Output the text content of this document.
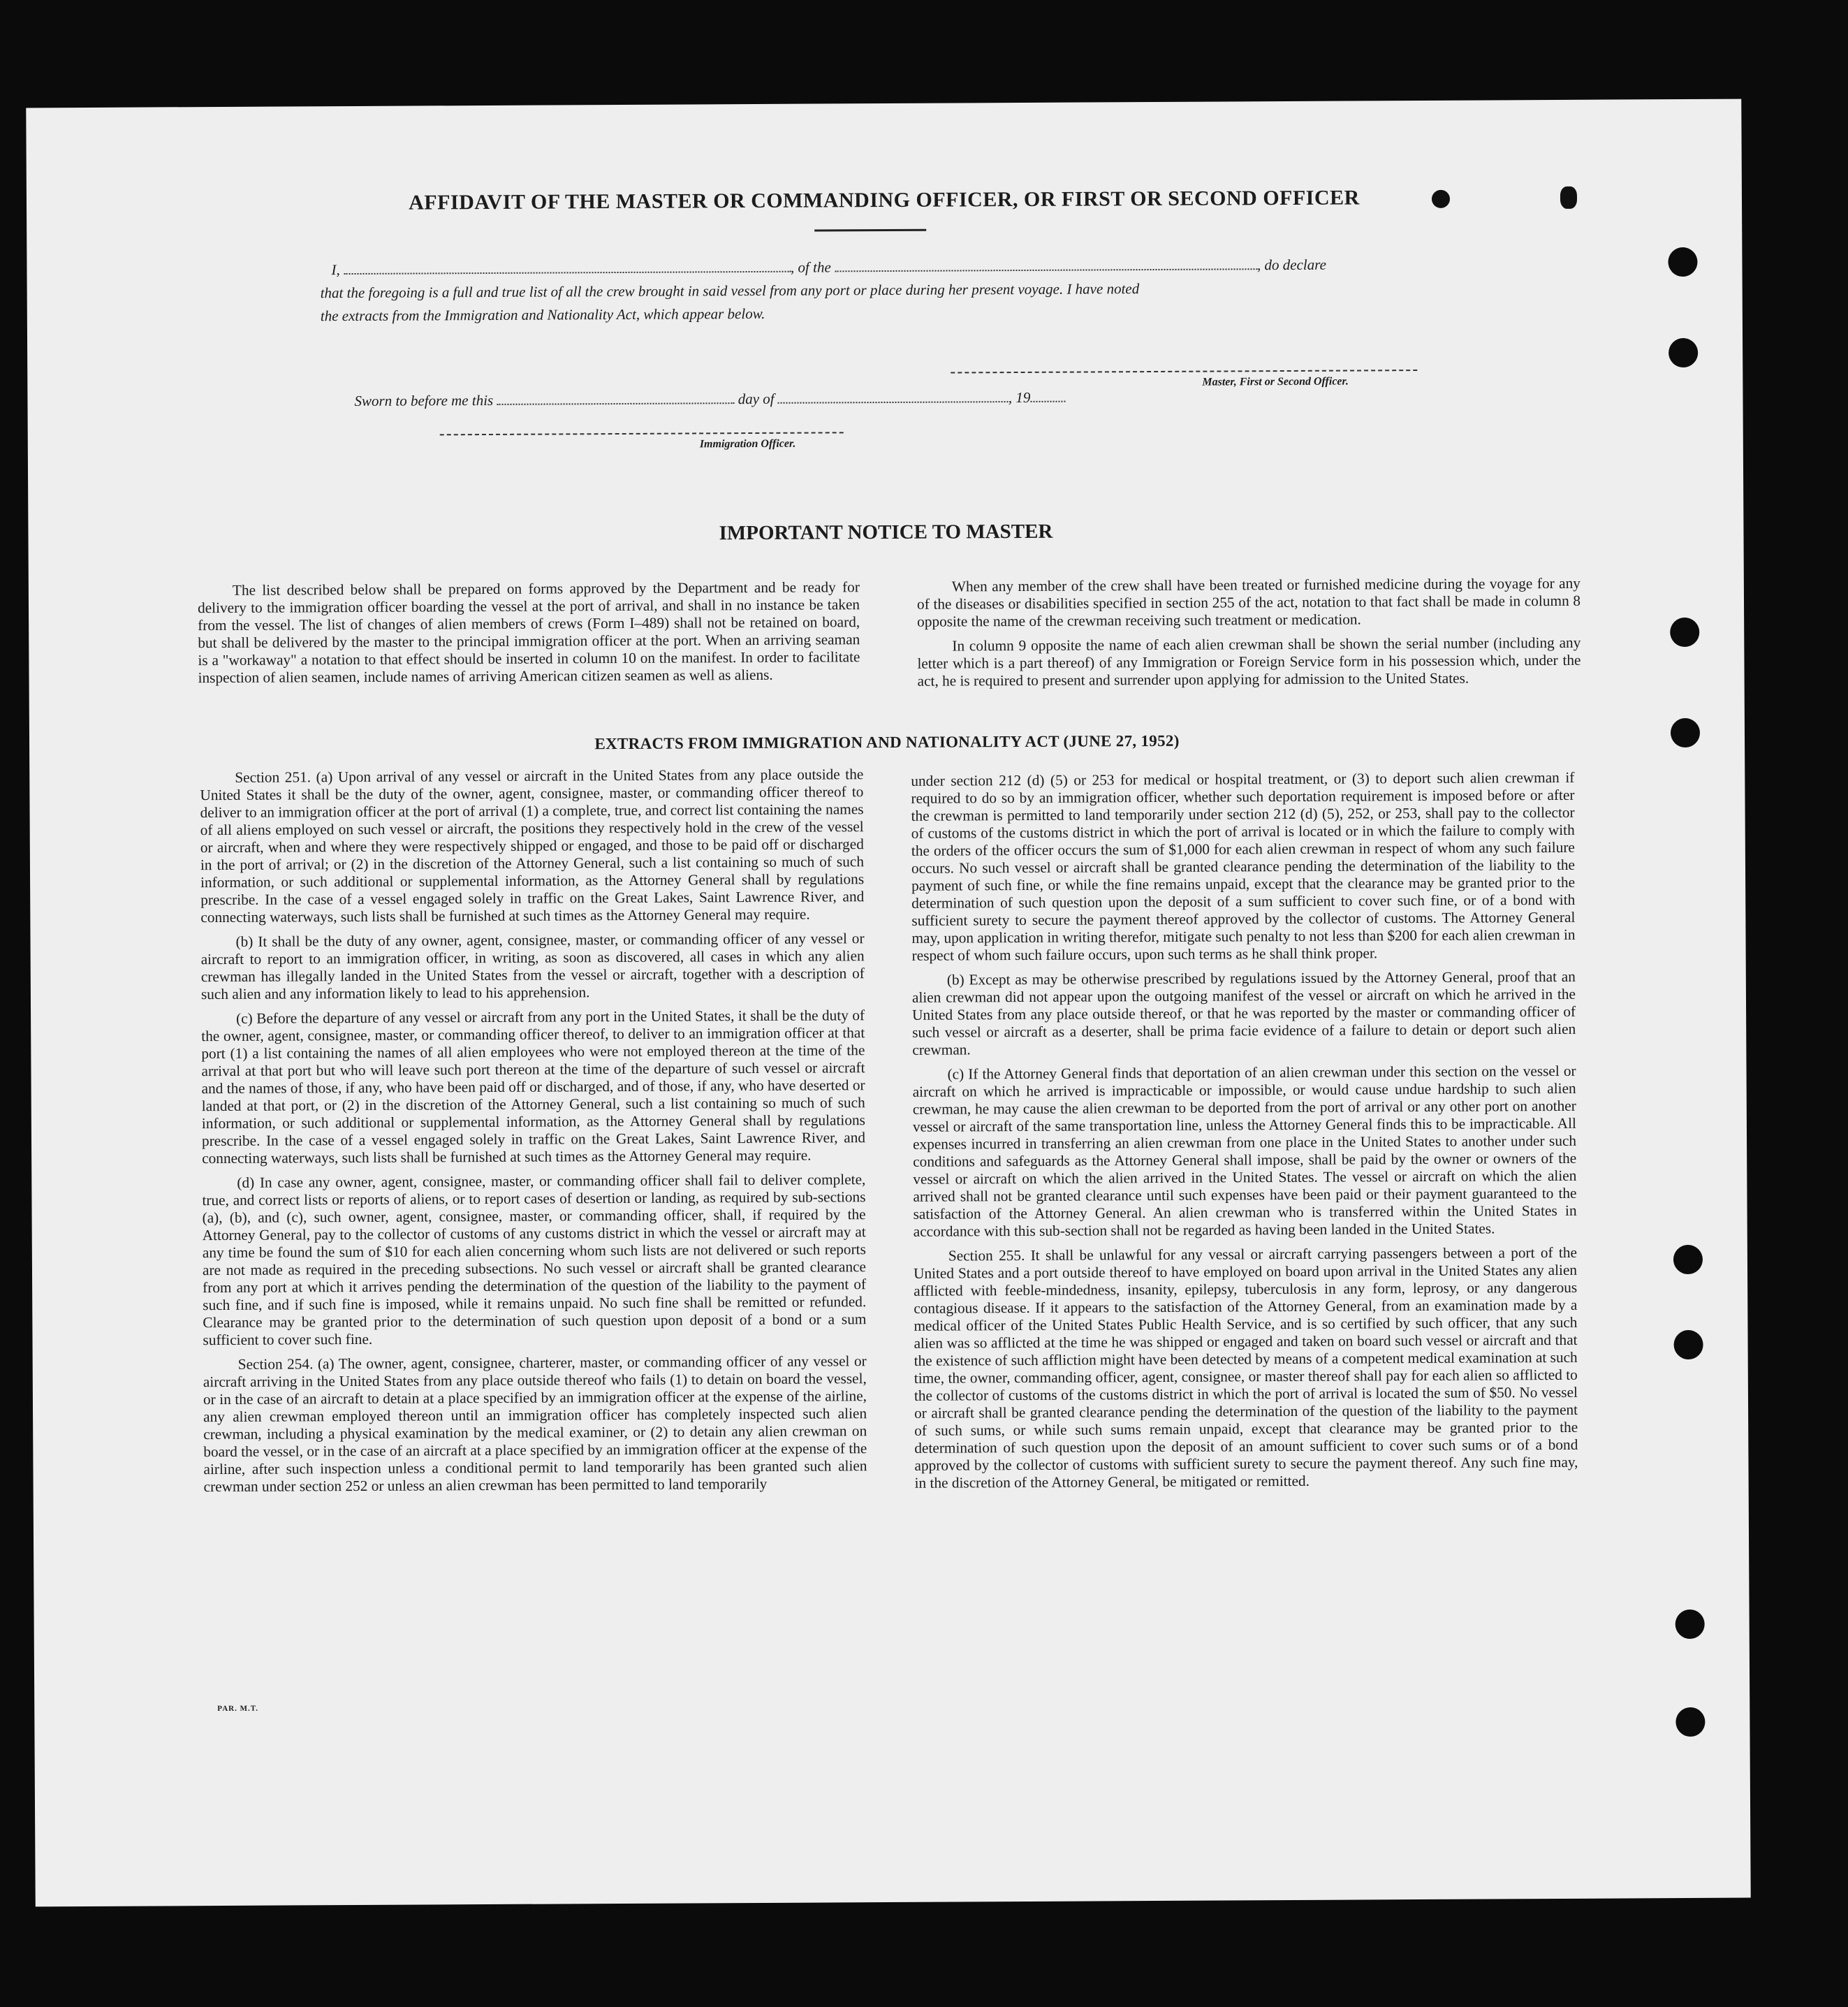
AFFIDAVIT OF THE MASTER OR COMMANDING OFFICER, OR FIRST OR SECOND OFFICER
I,	, of the	, do declare
that the foregoing is a full and true list of all the crew brought in said vessel from any port or place during her present voyage. I have noted
the extracts from the Immigration and Nationality Act, which appear below.
Master, First or Second Officer.
Sworn to before me this	day of	, 19
Immigration Officer.
IMPORTANT NOTICE TO MASTER

The list described below shall be prepared on forms approved by the Department and be ready for delivery to the immigration officer boarding the vessel at the port of arrival, and shall in no instance be taken from the vessel. The list of changes of alien members of crews (Form I–489) shall not be retained on board, but shall be delivered by the master to the principal immigration officer at the port. When an arriving seaman is a "workaway" a notation to that effect should be inserted in column 10 on the manifest. In order to facilitate inspection of alien seamen, include names of arriving American citizen seamen as well as aliens.

When any member of the crew shall have been treated or furnished medicine during the voyage for any of the diseases or disabilities specified in section 255 of the act, notation to that fact shall be made in column 8 opposite the name of the crewman receiving such treatment or medication.

In column 9 opposite the name of each alien crewman shall be shown the serial number (including any letter which is a part thereof) of any Immigration or Foreign Service form in his possession which, under the act, he is required to present and surrender upon applying for admission to the United States.

EXTRACTS FROM IMMIGRATION AND NATIONALITY ACT (JUNE 27, 1952)

Section 251. (a) Upon arrival of any vessel or aircraft in the United States from any place outside the United States it shall be the duty of the owner, agent, consignee, master, or commanding officer thereof to deliver to an immigration officer at the port of arrival (1) a complete, true, and correct list containing the names of all aliens employed on such vessel or aircraft, the positions they respectively hold in the crew of the vessel or aircraft, when and where they were respectively shipped or engaged, and those to be paid off or discharged in the port of arrival; or (2) in the discretion of the Attorney General, such a list containing so much of such information, or such additional or supplemental information, as the Attorney General shall by regulations prescribe. In the case of a vessel engaged solely in traffic on the Great Lakes, Saint Lawrence River, and connecting waterways, such lists shall be furnished at such times as the Attorney General may require.

(b) It shall be the duty of any owner, agent, consignee, master, or commanding officer of any vessel or aircraft to report to an immigration officer, in writing, as soon as discovered, all cases in which any alien crewman has illegally landed in the United States from the vessel or aircraft, together with a description of such alien and any information likely to lead to his apprehension.

(c) Before the departure of any vessel or aircraft from any port in the United States, it shall be the duty of the owner, agent, consignee, master, or commanding officer thereof, to deliver to an immigration officer at that port (1) a list containing the names of all alien employees who were not employed thereon at the time of the arrival at that port but who will leave such port thereon at the time of the departure of such vessel or aircraft and the names of those, if any, who have been paid off or discharged, and of those, if any, who have deserted or landed at that port, or (2) in the discretion of the Attorney General, such a list containing so much of such information, or such additional or supplemental information, as the Attorney General shall by regulations prescribe. In the case of a vessel engaged solely in traffic on the Great Lakes, Saint Lawrence River, and connecting waterways, such lists shall be furnished at such times as the Attorney General may require.

(d) In case any owner, agent, consignee, master, or commanding officer shall fail to deliver complete, true, and correct lists or reports of aliens, or to report cases of desertion or landing, as required by sub-sections (a), (b), and (c), such owner, agent, consignee, master, or commanding officer, shall, if required by the Attorney General, pay to the collector of customs of any customs district in which the vessel or aircraft may at any time be found the sum of $10 for each alien concerning whom such lists are not delivered or such reports are not made as required in the preceding subsections. No such vessel or aircraft shall be granted clearance from any port at which it arrives pending the determination of the question of the liability to the payment of such fine, and if such fine is imposed, while it remains unpaid. No such fine shall be remitted or refunded. Clearance may be granted prior to the determination of such question upon deposit of a bond or a sum sufficient to cover such fine.

Section 254. (a) The owner, agent, consignee, charterer, master, or commanding officer of any vessel or aircraft arriving in the United States from any place outside thereof who fails (1) to detain on board the vessel, or in the case of an aircraft to detain at a place specified by an immigration officer at the expense of the airline, any alien crewman employed thereon until an immigration officer has completely inspected such alien crewman, including a physical examination by the medical examiner, or (2) to detain any alien crewman on board the vessel, or in the case of an aircraft at a place specified by an immigration officer at the expense of the airline, after such inspection unless a conditional permit to land temporarily has been granted such alien crewman under section 252 or unless an alien crewman has been permitted to land temporarily

under section 212 (d) (5) or 253 for medical or hospital treatment, or (3) to deport such alien crewman if required to do so by an immigration officer, whether such deportation requirement is imposed before or after the crewman is permitted to land temporarily under section 212 (d) (5), 252, or 253, shall pay to the collector of customs of the customs district in which the port of arrival is located or in which the failure to comply with the orders of the officer occurs the sum of $1,000 for each alien crewman in respect of whom any such failure occurs. No such vessel or aircraft shall be granted clearance pending the determination of the liability to the payment of such fine, or while the fine remains unpaid, except that the clearance may be granted prior to the determination of such question upon the deposit of a sum sufficient to cover such fine, or of a bond with sufficient surety to secure the payment thereof approved by the collector of customs. The Attorney General may, upon application in writing therefor, mitigate such penalty to not less than $200 for each alien crewman in respect of whom such failure occurs, upon such terms as he shall think proper.

(b) Except as may be otherwise prescribed by regulations issued by the Attorney General, proof that an alien crewman did not appear upon the outgoing manifest of the vessel or aircraft on which he arrived in the United States from any place outside thereof, or that he was reported by the master or commanding officer of such vessel or aircraft as a deserter, shall be prima facie evidence of a failure to detain or deport such alien crewman.

(c) If the Attorney General finds that deportation of an alien crewman under this section on the vessel or aircraft on which he arrived is impracticable or impossible, or would cause undue hardship to such alien crewman, he may cause the alien crewman to be deported from the port of arrival or any other port on another vessel or aircraft of the same transportation line, unless the Attorney General finds this to be impracticable. All expenses incurred in transferring an alien crewman from one place in the United States to another under such conditions and safeguards as the Attorney General shall impose, shall be paid by the owner or owners of the vessel or aircraft on which the alien arrived in the United States. The vessel or aircraft on which the alien arrived shall not be granted clearance until such expenses have been paid or their payment guaranteed to the satisfaction of the Attorney General. An alien crewman who is transferred within the United States in accordance with this sub-section shall not be regarded as having been landed in the United States.

Section 255. It shall be unlawful for any vessal or aircraft carrying passengers between a port of the United States and a port outside thereof to have employed on board upon arrival in the United States any alien afflicted with feeble-mindedness, insanity, epilepsy, tuberculosis in any form, leprosy, or any dangerous contagious disease. If it appears to the satisfaction of the Attorney General, from an examination made by a medical officer of the United States Public Health Service, and is so certified by such officer, that any such alien was so afflicted at the time he was shipped or engaged and taken on board such vessel or aircraft and that the existence of such affliction might have been detected by means of a competent medical examination at such time, the owner, commanding officer, agent, consignee, or master thereof shall pay for each alien so afflicted to the collector of customs of the customs district in which the port of arrival is located the sum of $50. No vessel or aircraft shall be granted clearance pending the determination of the question of the liability to the payment of such sums, or while such sums remain unpaid, except that clearance may be granted prior to the determination of such question upon the deposit of an amount sufficient to cover such sums or of a bond approved by the collector of customs with sufficient surety to secure the payment thereof. Any such fine may, in the discretion of the Attorney General, be mitigated or remitted.

PAR. M.T.
